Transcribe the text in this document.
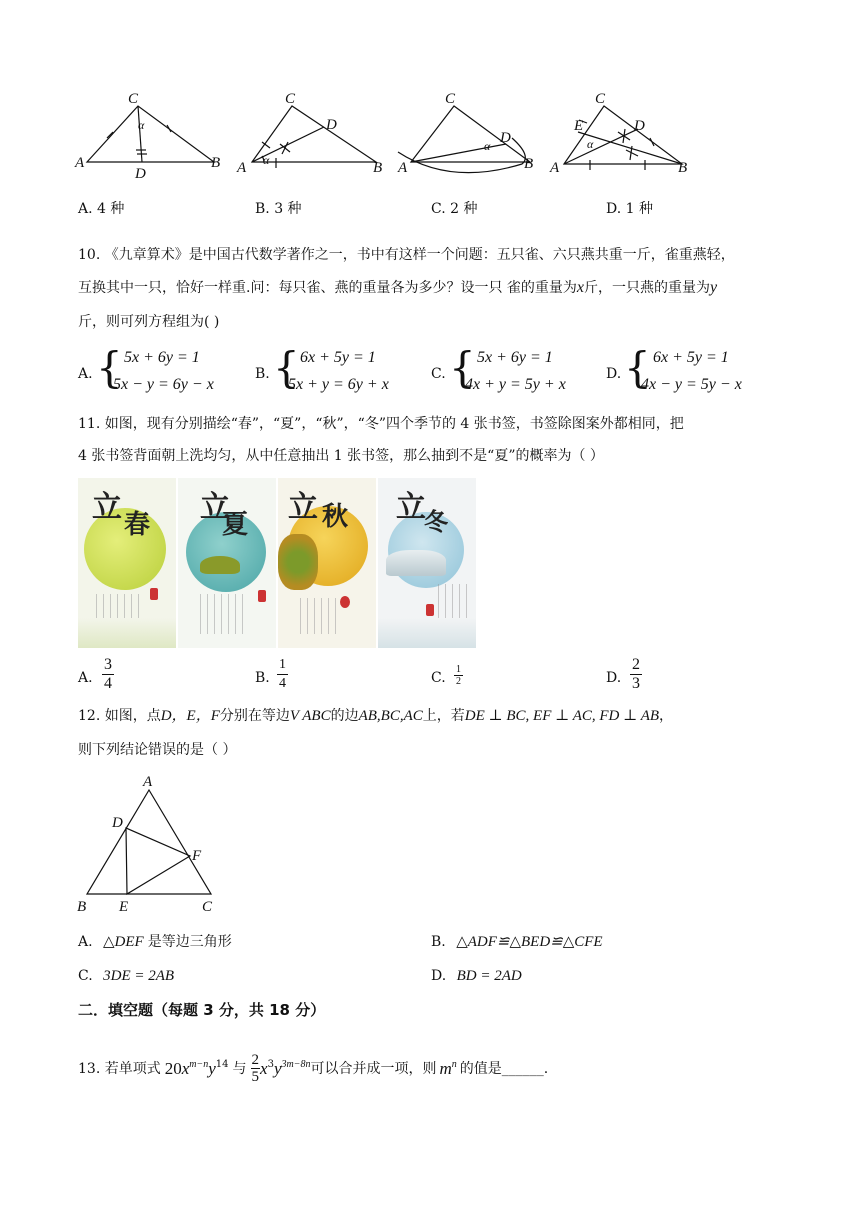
C
A
D
B
α
C
D
A	B
α
C
D
A	B
α
C
E	D
A	B
α
A. 4 种	B. 3 种	C. 2 种	D. 1 种
10. 《九章算术》是中国古代数学著作之一，书中有这样一个问题：五只雀、六只燕共重一斤，雀重燕轻，
互换其中一只，恰好一样重.问：每只雀、燕的重量各为多少？设一只 雀的重量为x斤，一只燕的重量为y
斤，则可列方程组为( )
A. { 5x + 6y = 1
5x − y = 6y − x
B. { 6x + 5y = 1
5x + y = 6y + x
C. { 5x + 6y = 1
4x + y = 5y + x
D. { 6x + 5y = 1
4x − y = 5y − x
11. 如图，现有分别描绘“春”，“夏”，“秋”，“冬”四个季节的 4 张书签，书签除图案外都相同，把
4 张书签背面朝上洗均匀，从中任意抽出 1 张书签，那么抽到不是“夏”的概率为（ ）
立 春 立
夏 立 秋 立
冬
A. $\frac{3}{4}$	B. $\frac{1}{4}$	C. $\frac{1}{2}$	D. $\frac{2}{3}$
12. 如图，点D，E，F分别在等边V ABC的边AB,BC,AC上，若DE ⊥ BC, EF ⊥ AC, FD ⊥ AB，
则下列结论错误的是（ ）
A
D
F
B E	C
A. △DEF 是等边三角形	B. △ADF≌△BED≌△CFE
C. 3DE = 2AB	D. BD = 2AD
二．填空题（每题 3 分，共 18 分）
13. 若单项式 20 $x^{m-n}$ $y^{14}$ 与 $\frac{2}{5} x^3$ $y^{3m-8n}$ 可以合并成一项，则 $m^n$ 的值是______.
